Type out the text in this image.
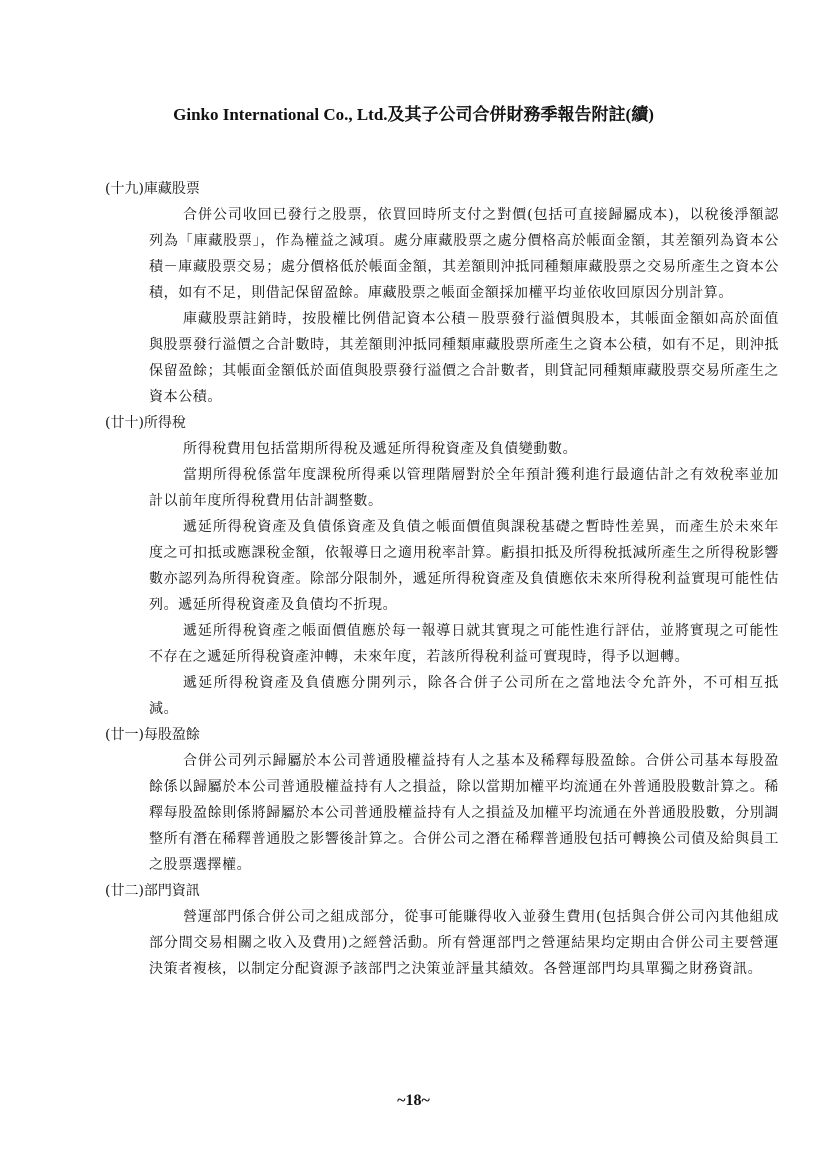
Ginko International Co., Ltd.及其子公司合併財務季報告附註(續)
(十九)庫藏股票

合併公司收回已發行之股票，依買回時所支付之對價(包括可直接歸屬成本)，以稅後淨額認列為「庫藏股票」，作為權益之減項。處分庫藏股票之處分價格高於帳面金額，其差額列為資本公積－庫藏股票交易；處分價格低於帳面金額，其差額則沖抵同種類庫藏股票之交易所產生之資本公積，如有不足，則借記保留盈餘。庫藏股票之帳面金額採加權平均並依收回原因分別計算。

庫藏股票註銷時，按股權比例借記資本公積－股票發行溢價與股本，其帳面金額如高於面值與股票發行溢價之合計數時，其差額則沖抵同種類庫藏股票所產生之資本公積，如有不足，則沖抵保留盈餘；其帳面金額低於面值與股票發行溢價之合計數者，則貸記同種類庫藏股票交易所產生之資本公積。

(廿十)所得稅

所得稅費用包括當期所得稅及遞延所得稅資產及負債變動數。

當期所得稅係當年度課稅所得乘以管理階層對於全年預計獲利進行最適估計之有效稅率並加計以前年度所得稅費用估計調整數。

遞延所得稅資產及負債係資產及負債之帳面價值與課稅基礎之暫時性差異，而產生於未來年度之可扣抵或應課稅金額，依報導日之適用稅率計算。虧損扣抵及所得稅抵減所產生之所得稅影響數亦認列為所得稅資產。除部分限制外，遞延所得稅資產及負債應依未來所得稅利益實現可能性估列。遞延所得稅資產及負債均不折現。

遞延所得稅資產之帳面價值應於每一報導日就其實現之可能性進行評估，並將實現之可能性不存在之遞延所得稅資產沖轉，未來年度，若該所得稅利益可實現時，得予以迴轉。

遞延所得稅資產及負債應分開列示，除各合併子公司所在之當地法令允許外，不可相互抵減。

(廿一)每股盈餘

合併公司列示歸屬於本公司普通股權益持有人之基本及稀釋每股盈餘。合併公司基本每股盈餘係以歸屬於本公司普通股權益持有人之損益，除以當期加權平均流通在外普通股股數計算之。稀釋每股盈餘則係將歸屬於本公司普通股權益持有人之損益及加權平均流通在外普通股股數，分別調整所有潛在稀釋普通股之影響後計算之。合併公司之潛在稀釋普通股包括可轉換公司債及給與員工之股票選擇權。

(廿二)部門資訊

營運部門係合併公司之組成部分，從事可能賺得收入並發生費用(包括與合併公司內其他組成部分間交易相關之收入及費用)之經營活動。所有營運部門之營運結果均定期由合併公司主要營運決策者複核，以制定分配資源予該部門之決策並評量其績效。各營運部門均具單獨之財務資訊。

~18~
